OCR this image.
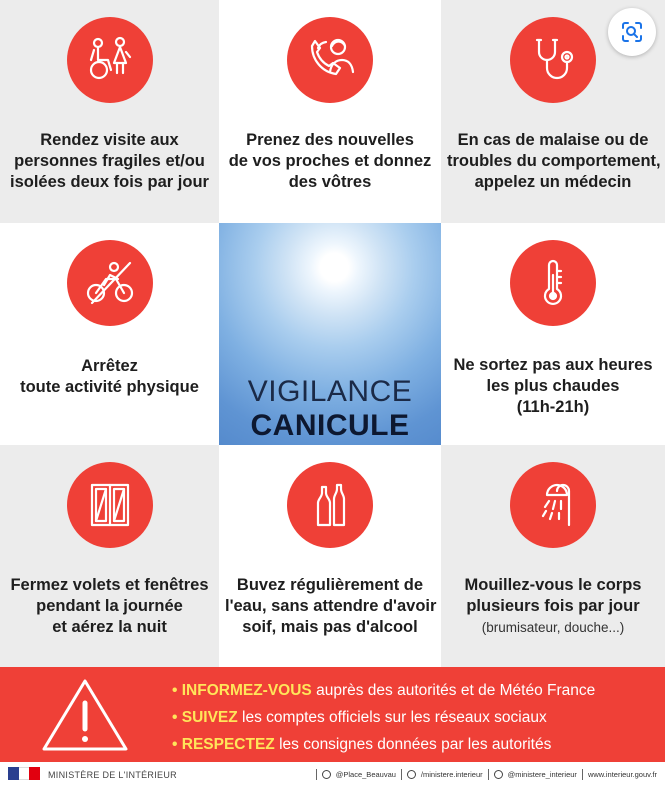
Rendez visite aux
personnes fragiles et/ou
isolées deux fois par jour
Prenez des nouvelles
de vos proches et donnez
des vôtres
En cas de malaise ou de
troubles du comportement,
appelez un médecin
Arrêtez
toute activité physique	VIGILANCE
CANICULE
Ne sortez pas aux heures
les plus chaudes
(11h-21h)
Fermez volets et fenêtres
pendant la journée
et aérez la nuit
Buvez régulièrement de
l'eau, sans attendre d'avoir
soif, mais pas d'alcool
Mouillez-vous le corps
plusieurs fois par jour
(brumisateur, douche...)
• INFORMEZ-VOUS auprès des autorités et de Météo France
• SUIVEZ les comptes officiels sur les réseaux sociaux
• RESPECTEZ les consignes données par les autorités
MINISTÈRE DE L'INTÉRIEUR	@Place_Beauvau	/ministere.interieur	@ministere_interieur www.interieur.gouv.fr
